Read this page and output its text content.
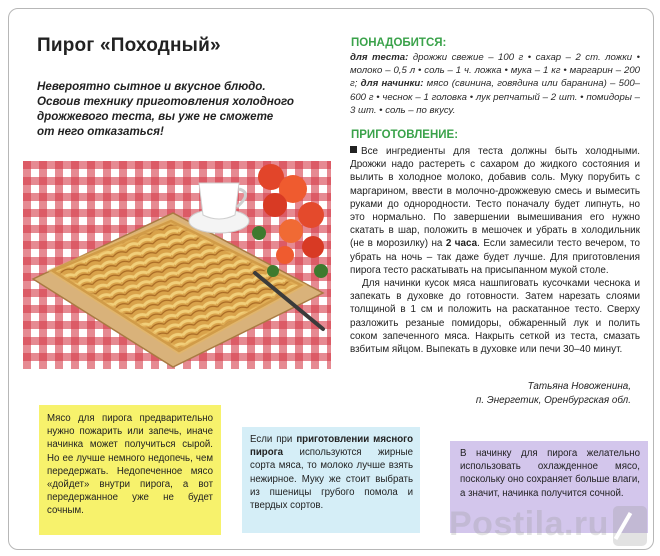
Пирог «Походный»
Невероятно сытное и вкусное блюдо.
Освоив технику приготовления холодного
дрожжевого теста, вы уже не сможете
от него отказаться!
ПОНАДОБИТСЯ:

для теста: дрожжи свежие – 100 г • сахар – 2 ст. ложки • молоко – 0,5 л • соль – 1 ч. ложка • мука – 1 кг • маргарин – 200 г; для начинки: мясо (свинина, говядина или баранина) – 500–600 г • чеснок – 1 головка • лук репчатый – 2 шт. • помидоры – 3 шт. • соль – по вкусу.

ПРИГОТОВЛЕНИЕ:

Все ингредиенты для теста должны быть холодными. Дрожжи надо растереть с сахаром до жидкого состояния и вылить в холодное молоко, добавив соль. Муку порубить с маргарином, ввести в молочно-дрожжевую смесь и вымесить руками до однородности. Тесто поначалу будет липнуть, но это нормально. По завершении вымешивания его нужно скатать в шар, положить в мешочек и убрать в холодильник (не в морозилку) на 2 часа. Если замесили тесто вечером, то убрать на ночь – так даже будет лучше. Для приготовления пирога тесто раскатывать на присыпанном мукой столе.

Для начинки кусок мяса нашпиговать кусочками чеснока и запекать в духовке до готовности. Затем нарезать слоями толщиной в 1 см и положить на раскатанное тесто. Сверху разложить резаные помидоры, обжаренный лук и полить соком запеченного мяса. Накрыть сеткой из теста, смазать взбитым яйцом. Выпекать в духовке или печи 30–40 минут.

Татьяна Новоженина,
п. Энергетик, Оренбургская обл.
Мясо для пирога предварительно нужно пожарить или запечь, иначе начинка может получиться сырой. Но ее лучше немного недопечь, чем передержать. Недопеченное мясо «дойдет» внутри пирога, а вот передержанное уже не будет сочным.
Если при приготовлении мясного пирога используются жирные сорта мяса, то молоко лучше взять нежирное. Муку же стоит выбрать из пшеницы грубого помола и твердых сортов.
В начинку для пирога желательно использовать охлажденное мясо, поскольку оно сохраняет больше влаги, а значит, начинка получится сочной.
Postila.ru
